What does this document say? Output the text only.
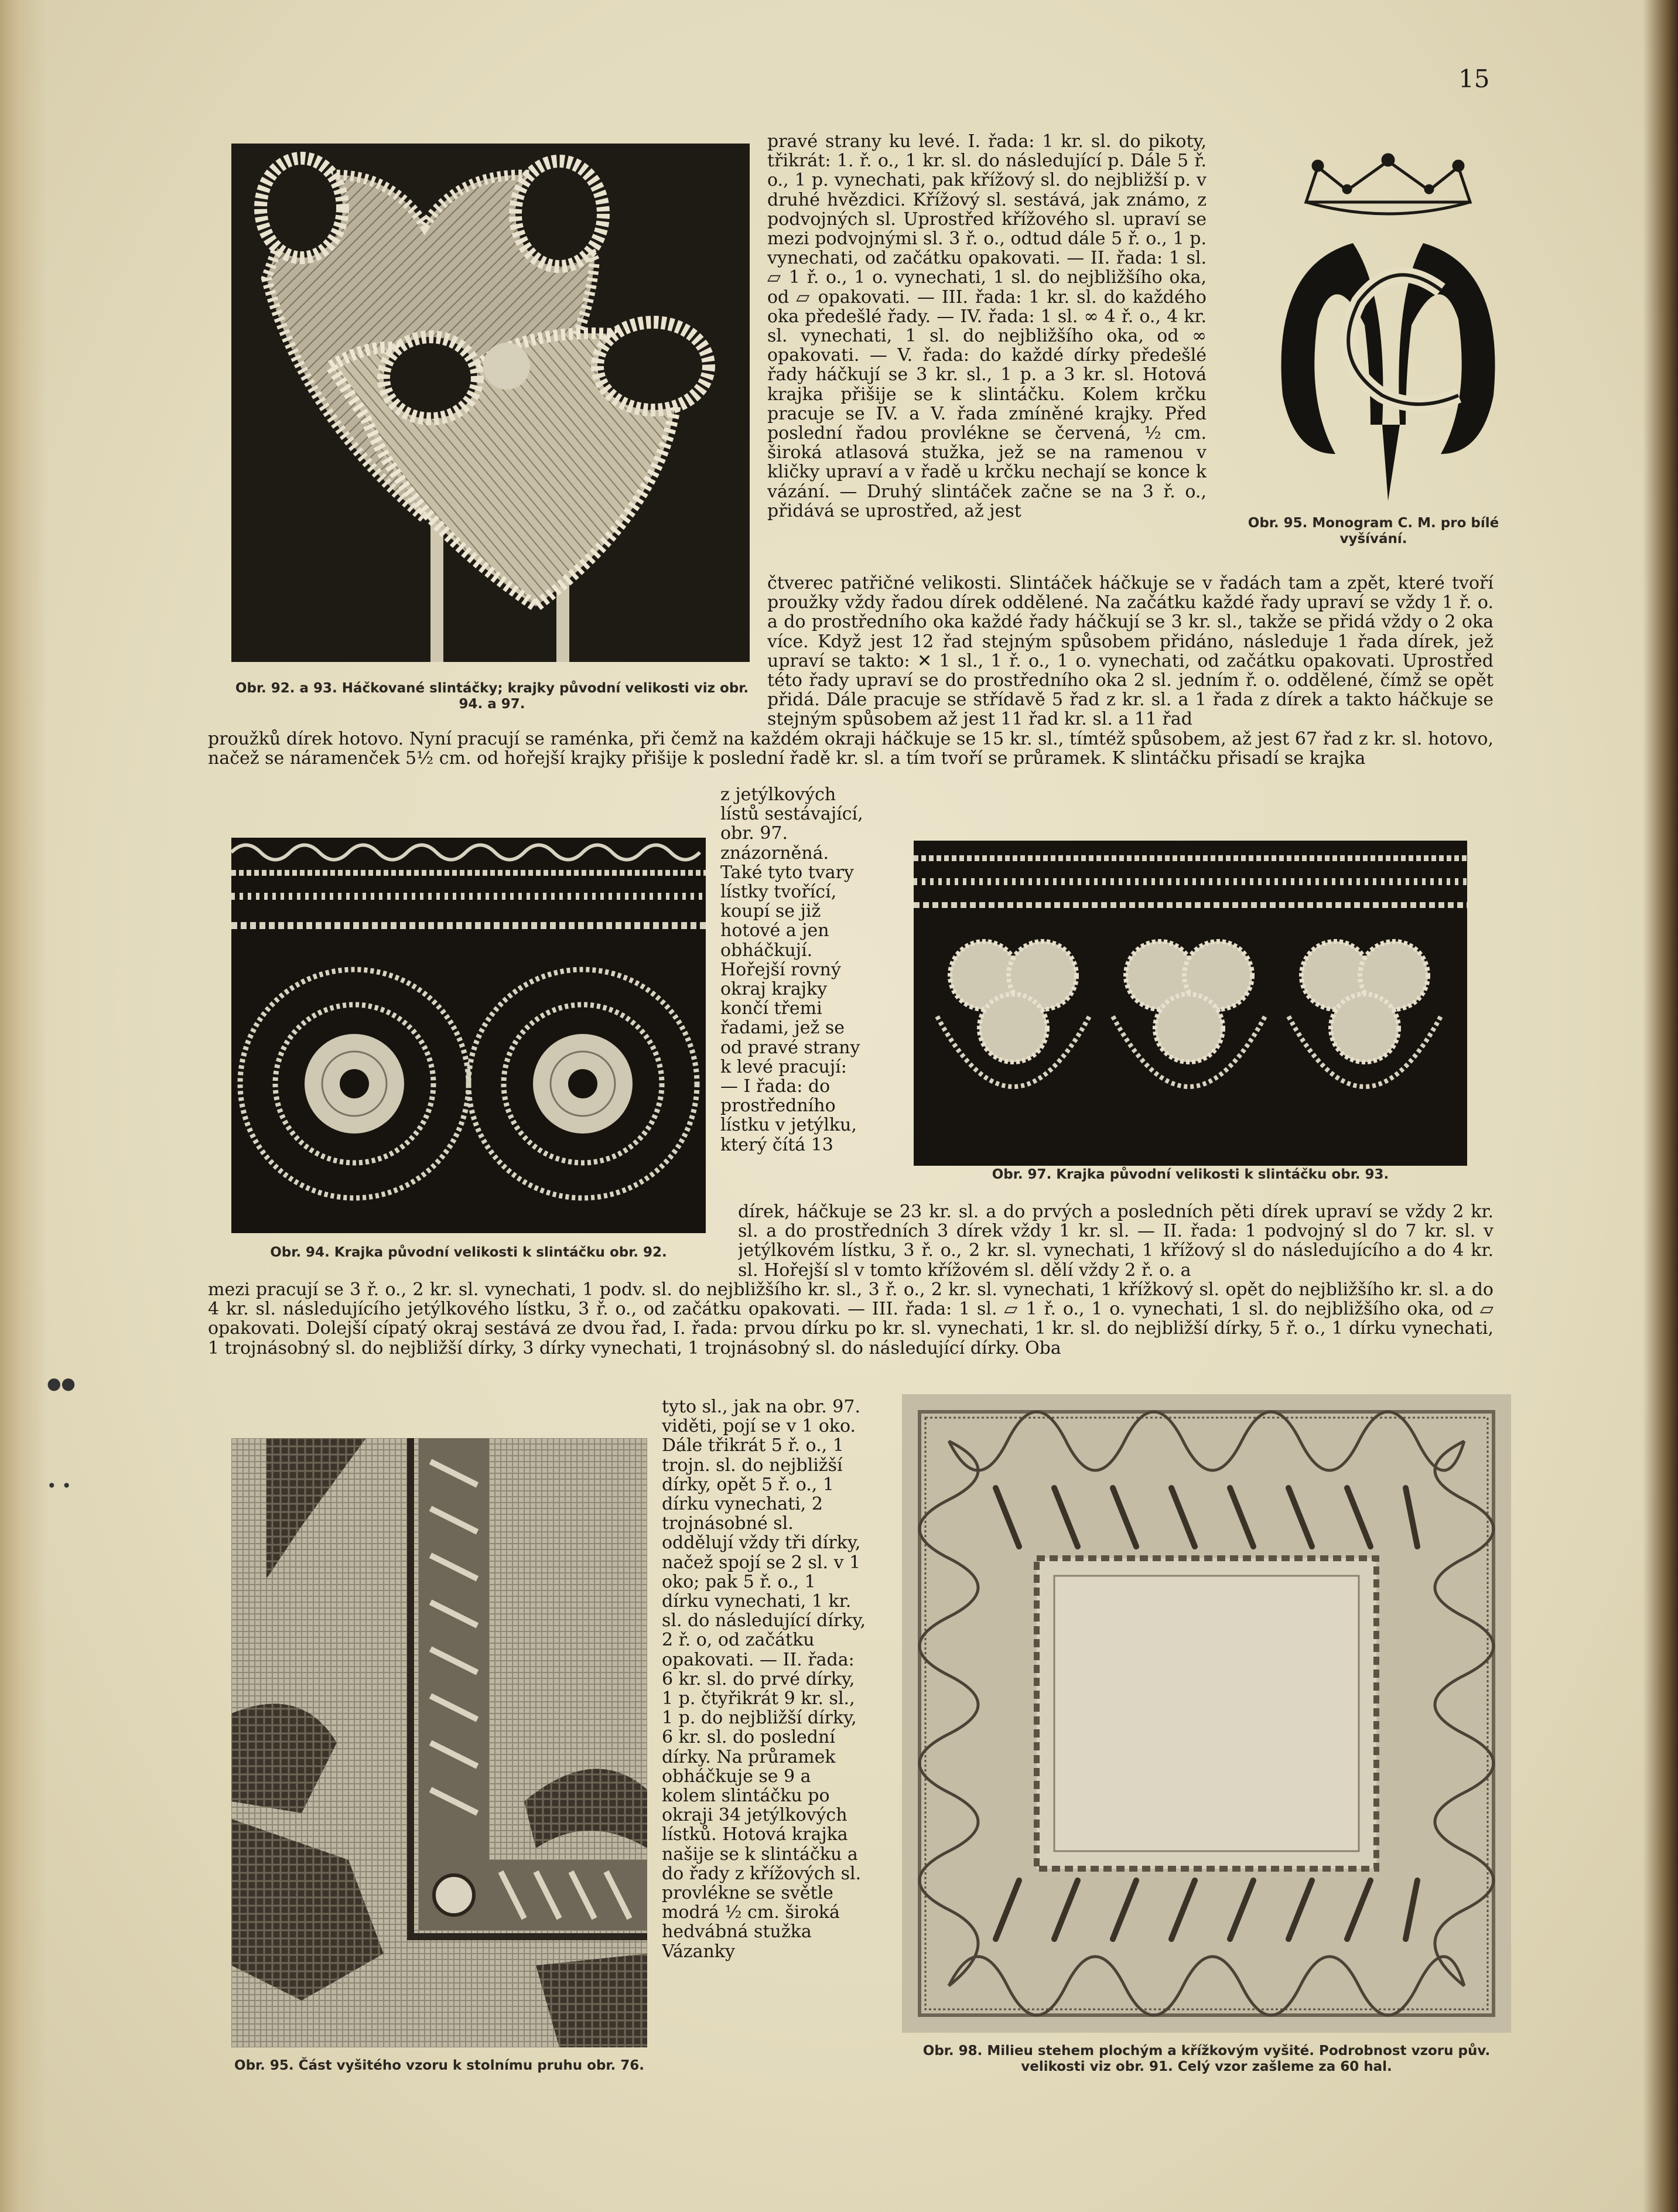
15
Obr. 92. a 93. Háčkované slintáčky; krajky původní velikosti viz obr. 94. a 97.
Obr. 95. Monogram C. M. pro bílé vyšívání.

pravé strany ku levé. I. řada: 1 kr. sl. do pikoty, třikrát: 1. ř. o., 1 kr. sl. do následující p. Dále 5 ř. o., 1 p. vynechati, pak křížový sl. do nejbližší p. v druhé hvězdici. Křížový sl. sestává, jak známo, z podvojných sl. Uprostřed křížového sl. upraví se mezi podvojnými sl. 3 ř. o., odtud dále 5 ř. o., 1 p. vynechati, od začátku opakovati. — II. řada: 1 sl. ▱ 1 ř. o., 1 o. vynechati, 1 sl. do nejbližšího oka, od ▱ opakovati. — III. řada: 1 kr. sl. do každého oka předešlé řady. — IV. řada: 1 sl. ∞ 4 ř. o., 4 kr. sl. vynechati, 1 sl. do nejbližšího oka, od ∞ opakovati. — V. řada: do každé dírky předešlé řady háčkují se 3 kr. sl., 1 p. a 3 kr. sl. Hotová krajka přišije se k slintáčku. Kolem krčku pracuje se IV. a V. řada zmíněné krajky. Před poslední řadou provlékne se červená, ½ cm. široká atlasová stužka, jež se na ramenou v kličky upraví a v řadě u krčku nechají se konce k vázání. — Druhý slintáček začne se na 3 ř. o., přidává se uprostřed, až jest

čtverec patřičné velikosti. Slintáček háčkuje se v řadách tam a zpět, které tvoří proužky vždy řadou dírek oddělené. Na začátku každé řady upraví se vždy 1 ř. o. a do prostředního oka každé řady háčkují se 3 kr. sl., takže se přidá vždy o 2 oka více. Když jest 12 řad stejným spůsobem přidáno, následuje 1 řada dírek, jež upraví se takto: ✕ 1 sl., 1 ř. o., 1 o. vynechati, od začátku opakovati. Uprostřed této řady upraví se do prostředního oka 2 sl. jedním ř. o. oddělené, čímž se opět přidá. Dále pracuje se střídavě 5 řad z kr. sl. a 1 řada z dírek a takto háčkuje se stejným spůsobem až jest 11 řad kr. sl. a 11 řad

proužků dírek hotovo. Nyní pracují se raménka, při čemž na každém okraji háčkuje se 15 kr. sl., tímtéž spůsobem, až jest 67 řad z kr. sl. hotovo, načež se náramenček 5½ cm. od hořejší krajky přišije k poslední řadě kr. sl. a tím tvoří se průramek. K slintáčku přisadí se krajka

Obr. 94. Krajka původní velikosti k slintáčku obr. 92.

z jetýlkových lístů sestávající, obr. 97. znázorněná. Také tyto tvary lístky tvořící, koupí se již hotové a jen obháčkují. Hořejší rovný okraj krajky končí třemi řadami, jež se od pravé strany k levé pracují: — I řada: do prostředního lístku v jetýlku, který čítá 13

Obr. 97. Krajka původní velikosti k slintáčku obr. 93.

dírek, háčkuje se 23 kr. sl. a do prvých a posledních pěti dírek upraví se vždy 2 kr. sl. a do prostředních 3 dírek vždy 1 kr. sl. — II. řada: 1 podvojný sl do 7 kr. sl. v jetýlkovém lístku, 3 ř. o., 2 kr. sl. vynechati, 1 křížový sl do následujícího a do 4 kr. sl. Hořejší sl v tomto křížovém sl. dělí vždy 2 ř. o. a

mezi pracují se 3 ř. o., 2 kr. sl. vynechati, 1 podv. sl. do nejbližšího kr. sl., 3 ř. o., 2 kr. sl. vynechati, 1 křížkový sl. opět do nejbližšího kr. sl. a do 4 kr. sl. následujícího jetýlkového lístku, 3 ř. o., od začátku opakovati. — III. řada: 1 sl. ▱ 1 ř. o., 1 o. vynechati, 1 sl. do nejbližšího oka, od ▱ opakovati. Dolejší cípatý okraj sestává ze dvou řad, I. řada: prvou dírku po kr. sl. vynechati, 1 kr. sl. do nejbližší dírky, 5 ř. o., 1 dírku vynechati, 1 trojnásobný sl. do nejbližší dírky, 3 dírky vynechati, 1 trojnásobný sl. do následující dírky. Oba

tyto sl., jak na obr. 97. viděti, pojí se v 1 oko. Dále třikrát 5 ř. o., 1 trojn. sl. do nejbližší dírky, opět 5 ř. o., 1 dírku vynechati, 2 trojnásobné sl. oddělují vždy tři dírky, načež spojí se 2 sl. v 1 oko; pak 5 ř. o., 1 dírku vynechati, 1 kr. sl. do následující dírky, 2 ř. o, od začátku opakovati. — II. řada: 6 kr. sl. do prvé dírky, 1 p. čtyřikrát 9 kr. sl., 1 p. do nejbližší dírky, 6 kr. sl. do poslední dírky. Na průramek obháčkuje se 9 a kolem slintáčku po okraji 34 jetýlkových lístků. Hotová krajka našije se k slintáčku a do řady z křížových sl. provlékne se světle modrá ½ cm. široká hedvábná stužka Vázanky

Obr. 95. Část vyšitého vzoru k stolnímu pruhu obr. 76.
Obr. 98. Milieu stehem plochým a křížkovým vyšité. Podrobnost vzoru pův. velikosti viz obr. 91. Celý vzor zašleme za 60 hal.
●●
• •
